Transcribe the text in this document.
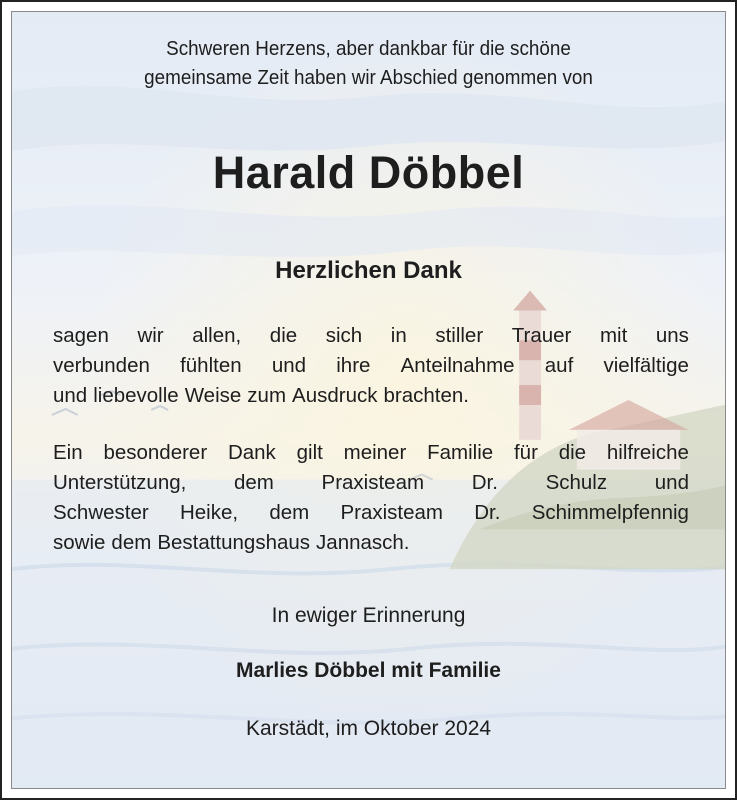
Schweren Herzens, aber dankbar für die schöne
gemeinsame Zeit haben wir Abschied genommen von
Harald Döbbel
Herzlichen Dank
sagen wir allen, die sich in stiller Trauer mit uns
verbunden fühlten und ihre Anteilnahme auf vielfältige
und liebevolle Weise zum Ausdruck brachten.
Ein besonderer Dank gilt meiner Familie für die hilfreiche
Unterstützung, dem Praxisteam Dr. Schulz und
Schwester Heike, dem Praxisteam Dr. Schimmelpfennig
sowie dem Bestattungshaus Jannasch.
In ewiger Erinnerung
Marlies Döbbel mit Familie
Karstädt, im Oktober 2024
